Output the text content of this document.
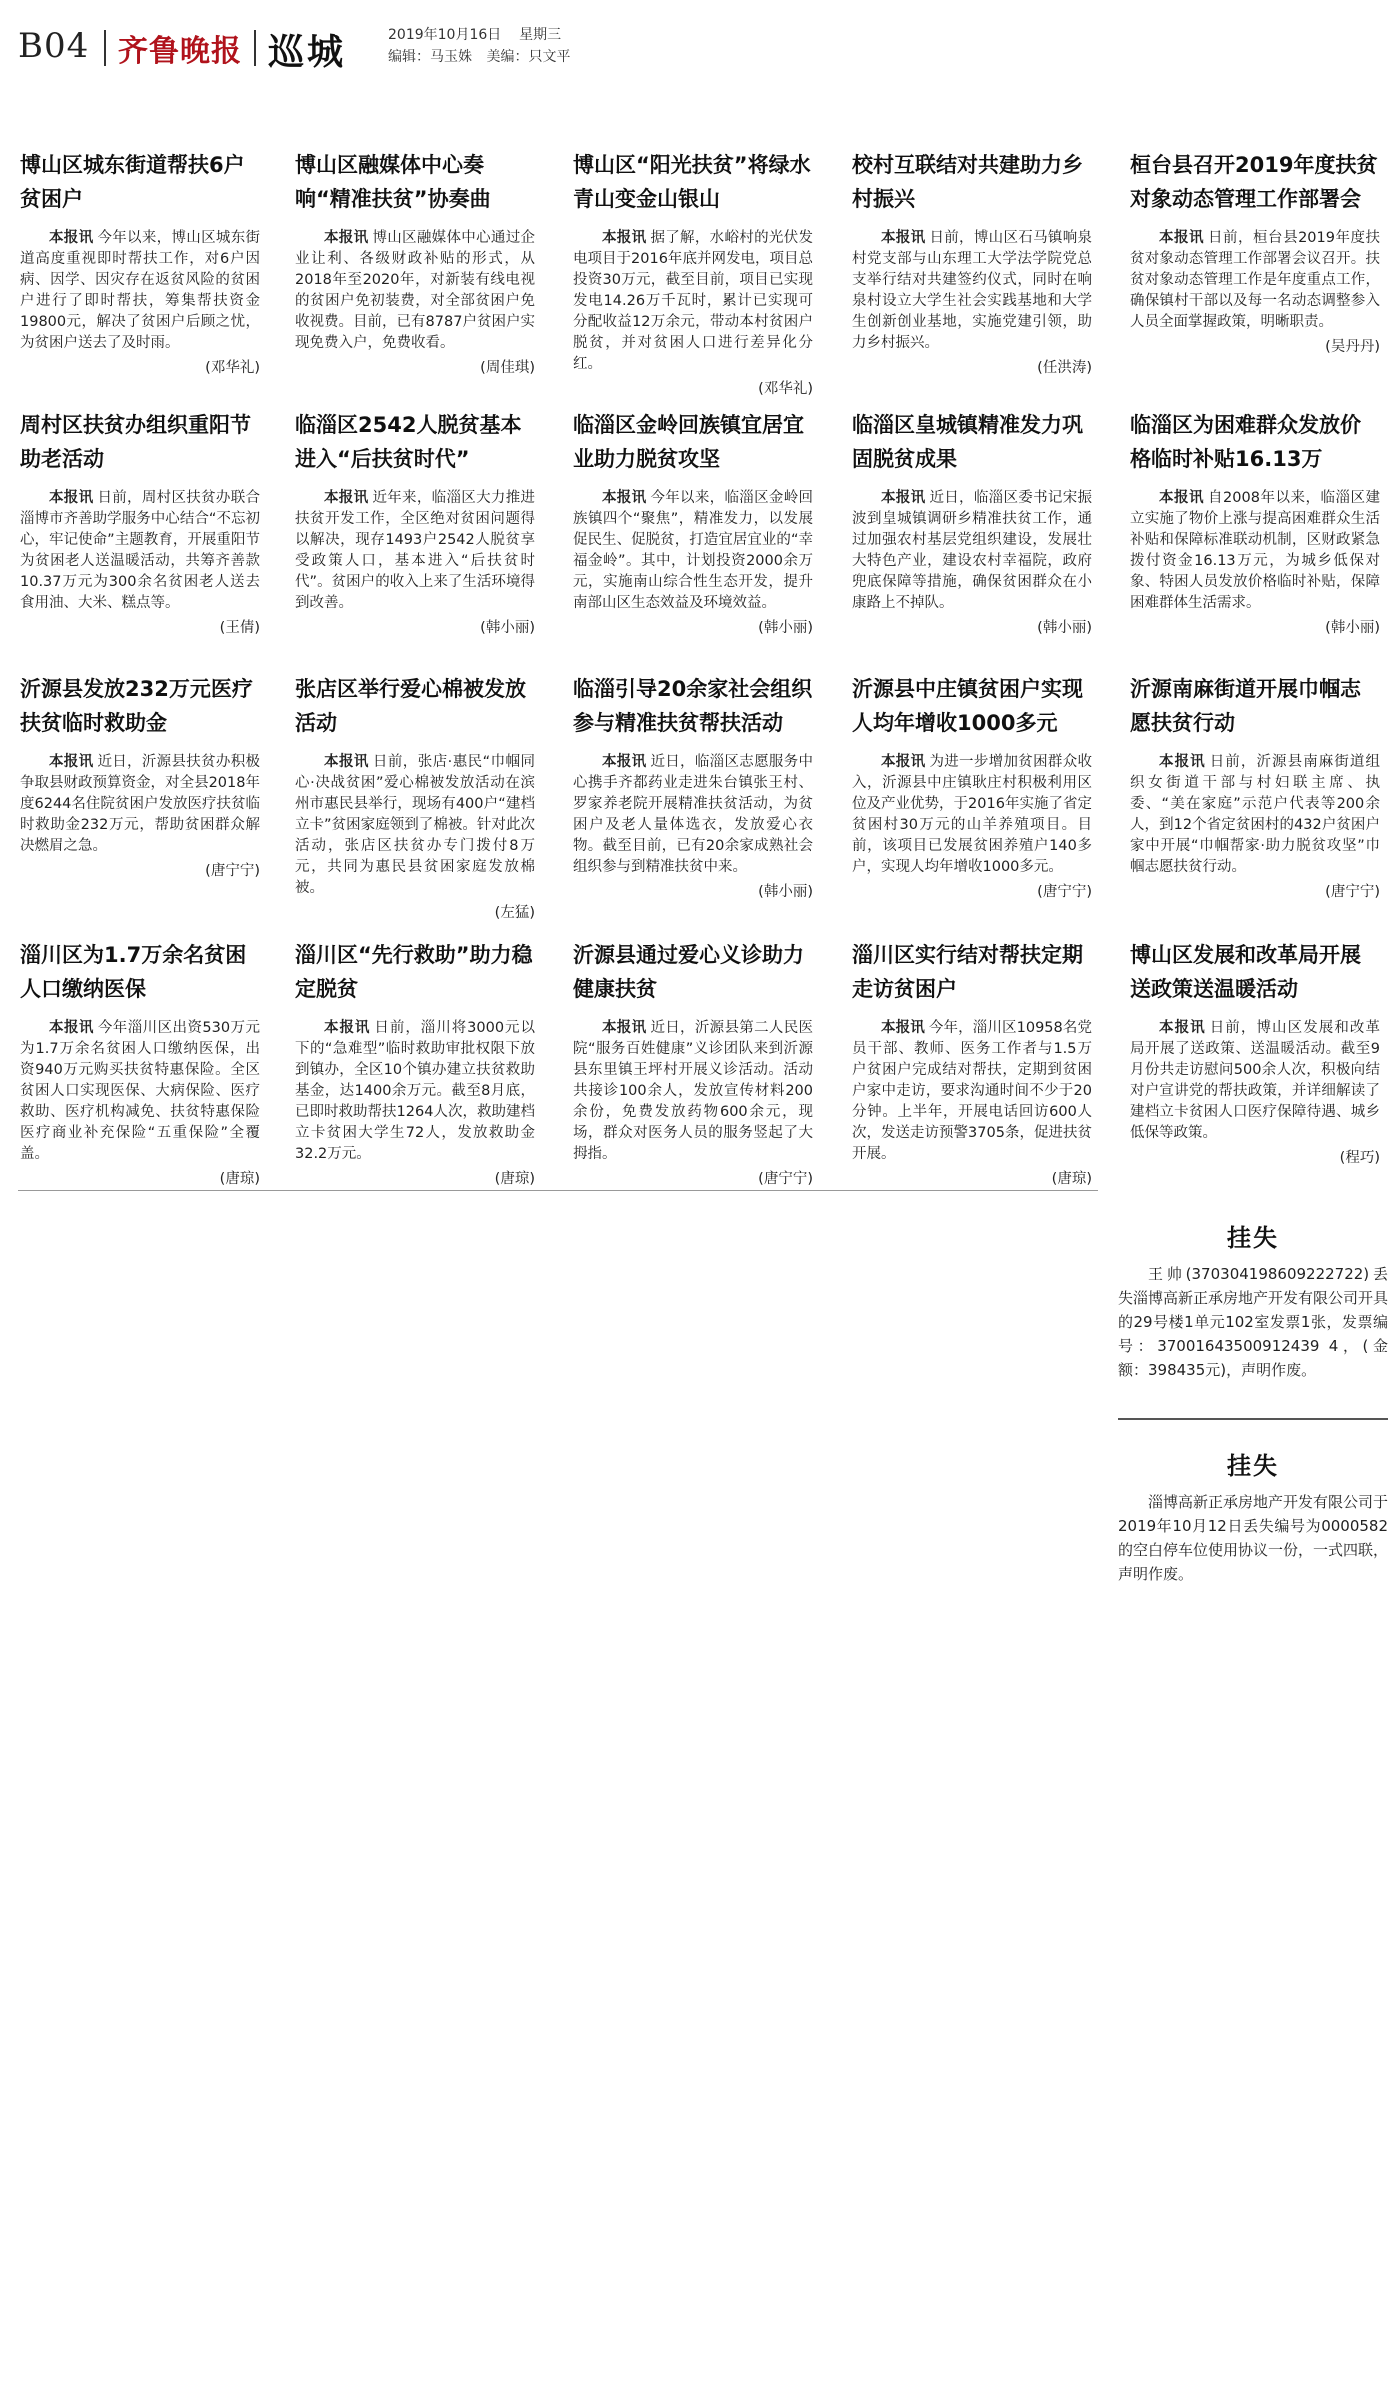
B04 齐鲁晚报 巡城	2019年10月16日 星期三
编辑：马玉姝 美编：只文平
博山区城东街道帮扶6户贫困户

本报讯 今年以来，博山区城东街道高度重视即时帮扶工作，对6户因病、因学、因灾存在返贫风险的贫困户进行了即时帮扶，筹集帮扶资金19800元，解决了贫困户后顾之忧，为贫困户送去了及时雨。

(邓华礼)
博山区融媒体中心奏响“精准扶贫”协奏曲

本报讯 博山区融媒体中心通过企业让利、各级财政补贴的形式，从2018年至2020年，对新装有线电视的贫困户免初装费，对全部贫困户免收视费。目前，已有8787户贫困户实现免费入户，免费收看。

(周佳琪)
博山区“阳光扶贫”将绿水青山变金山银山

本报讯 据了解，水峪村的光伏发电项目于2016年底并网发电，项目总投资30万元，截至目前，项目已实现发电14.26万千瓦时，累计已实现可分配收益12万余元，带动本村贫困户脱贫，并对贫困人口进行差异化分红。

(邓华礼)
校村互联结对共建助力乡村振兴

本报讯 日前，博山区石马镇响泉村党支部与山东理工大学法学院党总支举行结对共建签约仪式，同时在响泉村设立大学生社会实践基地和大学生创新创业基地，实施党建引领，助力乡村振兴。

(任洪涛)
桓台县召开2019年度扶贫对象动态管理工作部署会

本报讯 日前，桓台县2019年度扶贫对象动态管理工作部署会议召开。扶贫对象动态管理工作是年度重点工作，确保镇村干部以及每一名动态调整参入人员全面掌握政策，明晰职责。

(吴丹丹)
周村区扶贫办组织重阳节助老活动

本报讯 日前，周村区扶贫办联合淄博市齐善助学服务中心结合“不忘初心，牢记使命”主题教育，开展重阳节为贫困老人送温暖活动，共筹齐善款10.37万元为300余名贫困老人送去食用油、大米、糕点等。

(王倩)
临淄区2542人脱贫基本进入“后扶贫时代”

本报讯 近年来，临淄区大力推进扶贫开发工作，全区绝对贫困问题得以解决，现存1493户2542人脱贫享受政策人口，基本进入“后扶贫时代”。贫困户的收入上来了生活环境得到改善。

(韩小丽)
临淄区金岭回族镇宜居宜业助力脱贫攻坚

本报讯 今年以来，临淄区金岭回族镇四个“聚焦”，精准发力，以发展促民生、促脱贫，打造宜居宜业的“幸福金岭”。其中，计划投资2000余万元，实施南山综合性生态开发，提升南部山区生态效益及环境效益。

(韩小丽)
临淄区皇城镇精准发力巩固脱贫成果

本报讯 近日，临淄区委书记宋振波到皇城镇调研乡精准扶贫工作，通过加强农村基层党组织建设，发展壮大特色产业，建设农村幸福院，政府兜底保障等措施，确保贫困群众在小康路上不掉队。

(韩小丽)
临淄区为困难群众发放价格临时补贴16.13万

本报讯 自2008年以来，临淄区建立实施了物价上涨与提高困难群众生活补贴和保障标准联动机制，区财政紧急拨付资金16.13万元，为城乡低保对象、特困人员发放价格临时补贴，保障困难群体生活需求。

(韩小丽)
沂源县发放232万元医疗扶贫临时救助金

本报讯 近日，沂源县扶贫办积极争取县财政预算资金，对全县2018年度6244名住院贫困户发放医疗扶贫临时救助金232万元，帮助贫困群众解决燃眉之急。

(唐宁宁)
张店区举行爱心棉被发放活动

本报讯 日前，张店·惠民“巾帼同心·决战贫困”爱心棉被发放活动在滨州市惠民县举行，现场有400户“建档立卡”贫困家庭领到了棉被。针对此次活动，张店区扶贫办专门拨付8万元，共同为惠民县贫困家庭发放棉被。

(左猛)
临淄引导20余家社会组织参与精准扶贫帮扶活动

本报讯 近日，临淄区志愿服务中心携手齐都药业走进朱台镇张王村、罗家养老院开展精准扶贫活动，为贫困户及老人量体选衣，发放爱心衣物。截至目前，已有20余家成熟社会组织参与到精准扶贫中来。

(韩小丽)
沂源县中庄镇贫困户实现人均年增收1000多元

本报讯 为进一步增加贫困群众收入，沂源县中庄镇耿庄村积极利用区位及产业优势，于2016年实施了省定贫困村30万元的山羊养殖项目。目前，该项目已发展贫困养殖户140多户，实现人均年增收1000多元。

(唐宁宁)
沂源南麻街道开展巾帼志愿扶贫行动

本报讯 日前，沂源县南麻街道组织女街道干部与村妇联主席、执委、“美在家庭”示范户代表等200余人，到12个省定贫困村的432户贫困户家中开展“巾帼帮家·助力脱贫攻坚”巾帼志愿扶贫行动。

(唐宁宁)
淄川区为1.7万余名贫困人口缴纳医保

本报讯 今年淄川区出资530万元为1.7万余名贫困人口缴纳医保，出资940万元购买扶贫特惠保险。全区贫困人口实现医保、大病保险、医疗救助、医疗机构减免、扶贫特惠保险医疗商业补充保险“五重保险”全覆盖。

(唐琼)
淄川区“先行救助”助力稳定脱贫

本报讯 日前，淄川将3000元以下的“急难型”临时救助审批权限下放到镇办，全区10个镇办建立扶贫救助基金，达1400余万元。截至8月底，已即时救助帮扶1264人次，救助建档立卡贫困大学生72人，发放救助金32.2万元。

(唐琼)
沂源县通过爱心义诊助力健康扶贫

本报讯 近日，沂源县第二人民医院“服务百姓健康”义诊团队来到沂源县东里镇王坪村开展义诊活动。活动共接诊100余人，发放宣传材料200余份，免费发放药物600余元，现场，群众对医务人员的服务竖起了大拇指。

(唐宁宁)
淄川区实行结对帮扶定期走访贫困户

本报讯 今年，淄川区10958名党员干部、教师、医务工作者与1.5万户贫困户完成结对帮扶，定期到贫困户家中走访，要求沟通时间不少于20分钟。上半年，开展电话回访600人次，发送走访预警3705条，促进扶贫开展。

(唐琼)
博山区发展和改革局开展送政策送温暖活动

本报讯 日前，博山区发展和改革局开展了送政策、送温暖活动。截至9月份共走访慰问500余人次，积极向结对户宣讲党的帮扶政策，并详细解读了建档立卡贫困人口医疗保障待遇、城乡低保等政策。

(程巧)
挂失
王帅(370304198609222722)丢失淄博高新正承房地产开发有限公司开具的29号楼1单元102室发票1张，发票编号：37001643500912439 4，(金额：398435元)，声明作废。
挂失
淄博高新正承房地产开发有限公司于2019年10月12日丢失编号为0000582的空白停车位使用协议一份，一式四联，声明作废。
